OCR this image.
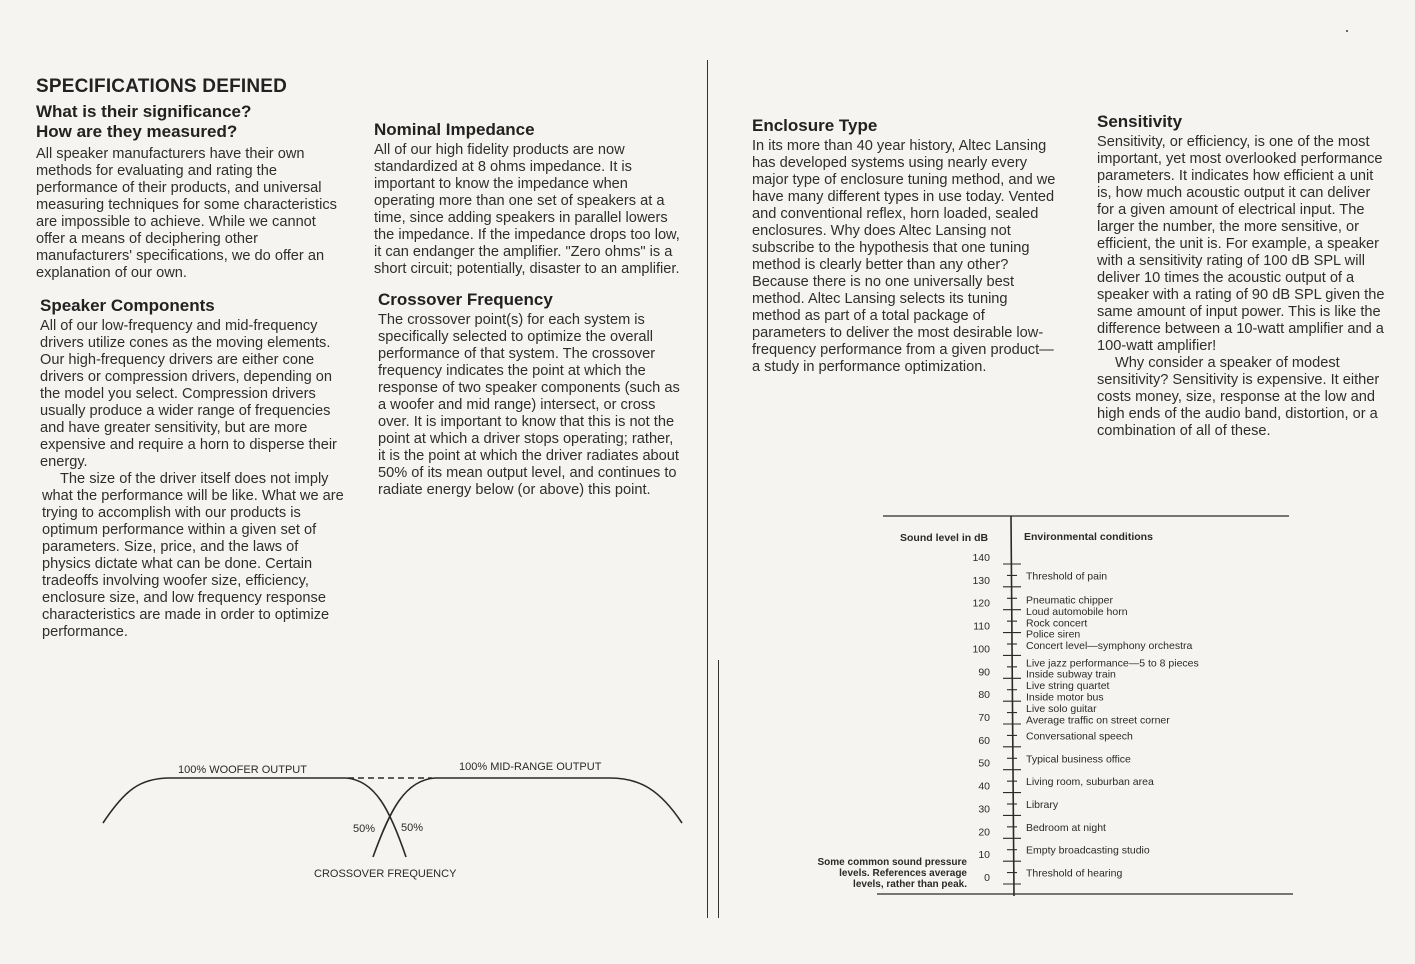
SPECIFICATIONS DEFINED
What is their significance?
How are they measured?

All speaker manufacturers have their own methods for evaluating and rating the performance of their products, and universal measuring techniques for some characteristics are impossible to achieve. While we cannot offer a means of deciphering other manufacturers' specifications, we do offer an explanation of our own.

Speaker Components

All of our low-frequency and mid-frequency drivers utilize cones as the moving elements. Our high-frequency drivers are either cone drivers or compression drivers, depending on the model you select. Compression drivers usually produce a wider range of frequencies and have greater sensitivity, but are more expensive and require a horn to disperse their energy.

The size of the driver itself does not imply what the performance will be like. What we are trying to accomplish with our products is optimum performance within a given set of parameters. Size, price, and the laws of physics dictate what can be done. Certain tradeoffs involving woofer size, efficiency, enclosure size, and low frequency response characteristics are made in order to optimize performance.

Nominal Impedance

All of our high fidelity products are now standardized at 8 ohms impedance. It is important to know the impedance when operating more than one set of speakers at a time, since adding speakers in parallel lowers the impedance. If the impedance drops too low, it can endanger the amplifier. "Zero ohms" is a short circuit; potentially, disaster to an amplifier.

Crossover Frequency

The crossover point(s) for each system is specifically selected to optimize the overall performance of that system. The crossover frequency indicates the point at which the response of two speaker components (such as a woofer and mid range) intersect, or cross over. It is important to know that this is not the point at which a driver stops operating; rather, it is the point at which the driver radiates about 50% of its mean output level, and continues to radiate energy below (or above) this point.

Enclosure Type

In its more than 40 year history, Altec Lansing has developed systems using nearly every major type of enclosure tuning method, and we have many different types in use today. Vented and conventional reflex, horn loaded, sealed enclosures. Why does Altec Lansing not subscribe to the hypothesis that one tuning method is clearly better than any other? Because there is no one universally best method. Altec Lansing selects its tuning method as part of a total package of parameters to deliver the most desirable low-frequency performance from a given product—a study in performance optimization.

Sensitivity

Sensitivity, or efficiency, is one of the most important, yet most overlooked performance parameters. It indicates how efficient a unit is, how much acoustic output it can deliver for a given amount of electrical input. The larger the number, the more sensitive, or efficient, the unit is. For example, a speaker with a sensitivity rating of 100 dB SPL will deliver 10 times the acoustic output of a speaker with a rating of 90 dB SPL given the same amount of input power. This is like the difference between a 10-watt amplifier and a 100-watt amplifier!

Why consider a speaker of modest sensitivity? Sensitivity is expensive. It either costs money, size, response at the low and high ends of the audio band, distortion, or a combination of all of these.

100% WOOFER OUTPUT	100% MID-RANGE OUTPUT
50% 50%
CROSSOVER FREQUENCY
Sound level in dB	Environmental conditions
Some common sound pressure
levels. References average
levels, rather than peak.
140
130
120
110
100
90
80
70
60
50
40
30
20
10
0
Threshold of pain
Pneumatic chipper
Loud automobile horn
Rock concert
Police siren
Concert level—symphony orchestra
Live jazz performance—5 to 8 pieces
Inside subway train
Live string quartet
Inside motor bus
Live solo guitar
Average traffic on street corner
Conversational speech
Typical business office
Living room, suburban area
Library
Bedroom at night
Empty broadcasting studio
Threshold of hearing
